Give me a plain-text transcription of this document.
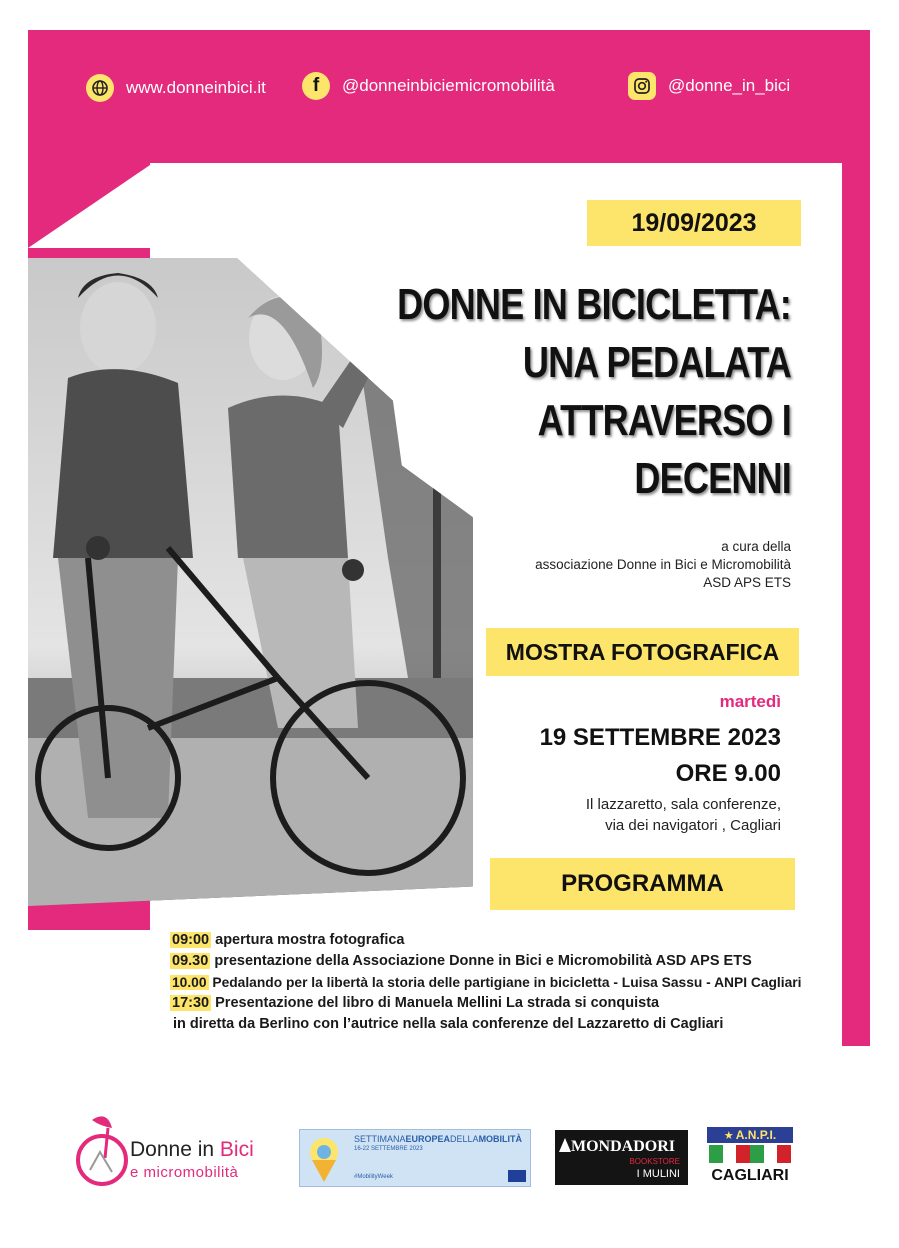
www.donneinbici.it f @donneinbiciemicromobilità	@donne_in_bici
19/09/2023
DONNE IN BICICLETTA:
UNA PEDALATA
ATTRAVERSO I
DECENNI
a cura della
associazione Donne in Bici e Micromobilità
ASD APS ETS
MOSTRA FOTOGRAFICA
martedì
19 SETTEMBRE 2023
ORE 9.00
Il lazzaretto, sala conferenze,
via dei navigatori , Cagliari
PROGRAMMA
09:00 apertura mostra fotografica
09.30 presentazione della Associazione Donne in Bici e Micromobilità ASD APS ETS
10.00 Pedalando per la libertà la storia delle partigiane in bicicletta - Luisa Sassu - ANPI Cagliari
17:30 Presentazione del libro di Manuela Mellini La strada si conquista
in diretta da Berlino con l’autrice nella sala conferenze del Lazzaretto di Cagliari
Donne in Bici
e micromobilità
SETTIMANAEUROPEADELLAMOBILITÀ
16-22 SETTEMBRE 2023
#MobilityWeek
MONDADORI
BOOKSTORE
I MULINI
★ A.N.P.I.
CAGLIARI
